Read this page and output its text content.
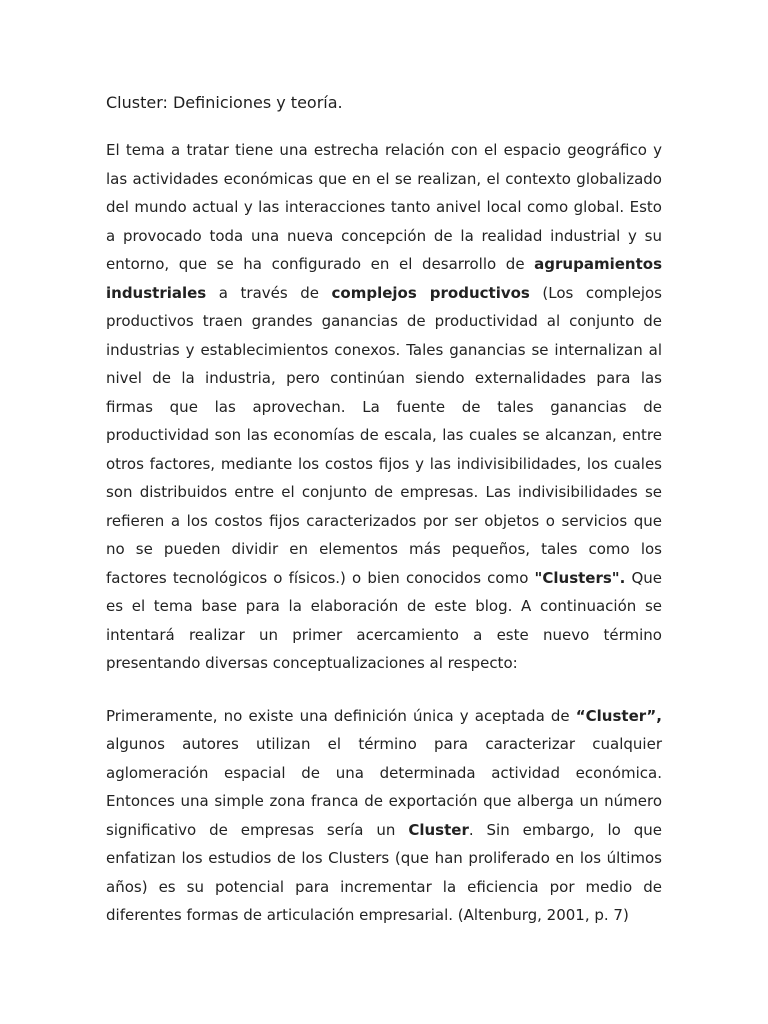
Cluster: Definiciones y teoría.

El tema a tratar tiene una estrecha relación con el espacio geográfico y las actividades económicas que en el se realizan, el contexto globalizado del mundo actual y las interacciones tanto anivel local como global. Esto a provocado toda una nueva concepción de la realidad industrial y su entorno, que se ha configurado en el desarrollo de agrupamientos industriales a través de complejos productivos (Los complejos productivos traen grandes ganancias de productividad al conjunto de industrias y establecimientos conexos. Tales ganancias se internalizan al nivel de la industria, pero continúan siendo externalidades para las firmas que las aprovechan. La fuente de tales ganancias de productividad son las economías de escala, las cuales se alcanzan, entre otros factores, mediante los costos fijos y las indivisibilidades, los cuales son distribuidos entre el conjunto de empresas. Las indivisibilidades se refieren a los costos fijos caracterizados por ser objetos o servicios que no se pueden dividir en elementos más pequeños, tales como los factores tecnológicos o físicos.) o bien conocidos como "Clusters". Que es el tema base para la elaboración de este blog. A continuación se intentará realizar un primer acercamiento a este nuevo término presentando diversas conceptualizaciones al respecto:

Primeramente, no existe una definición única y aceptada de “Cluster”, algunos autores utilizan el término para caracterizar cualquier aglomeración espacial de una determinada actividad económica. Entonces una simple zona franca de exportación que alberga un número significativo de empresas sería un Cluster. Sin embargo, lo que enfatizan los estudios de los Clusters (que han proliferado en los últimos años) es su potencial para incrementar la eficiencia por medio de diferentes formas de articulación empresarial. (Altenburg, 2001, p. 7)
